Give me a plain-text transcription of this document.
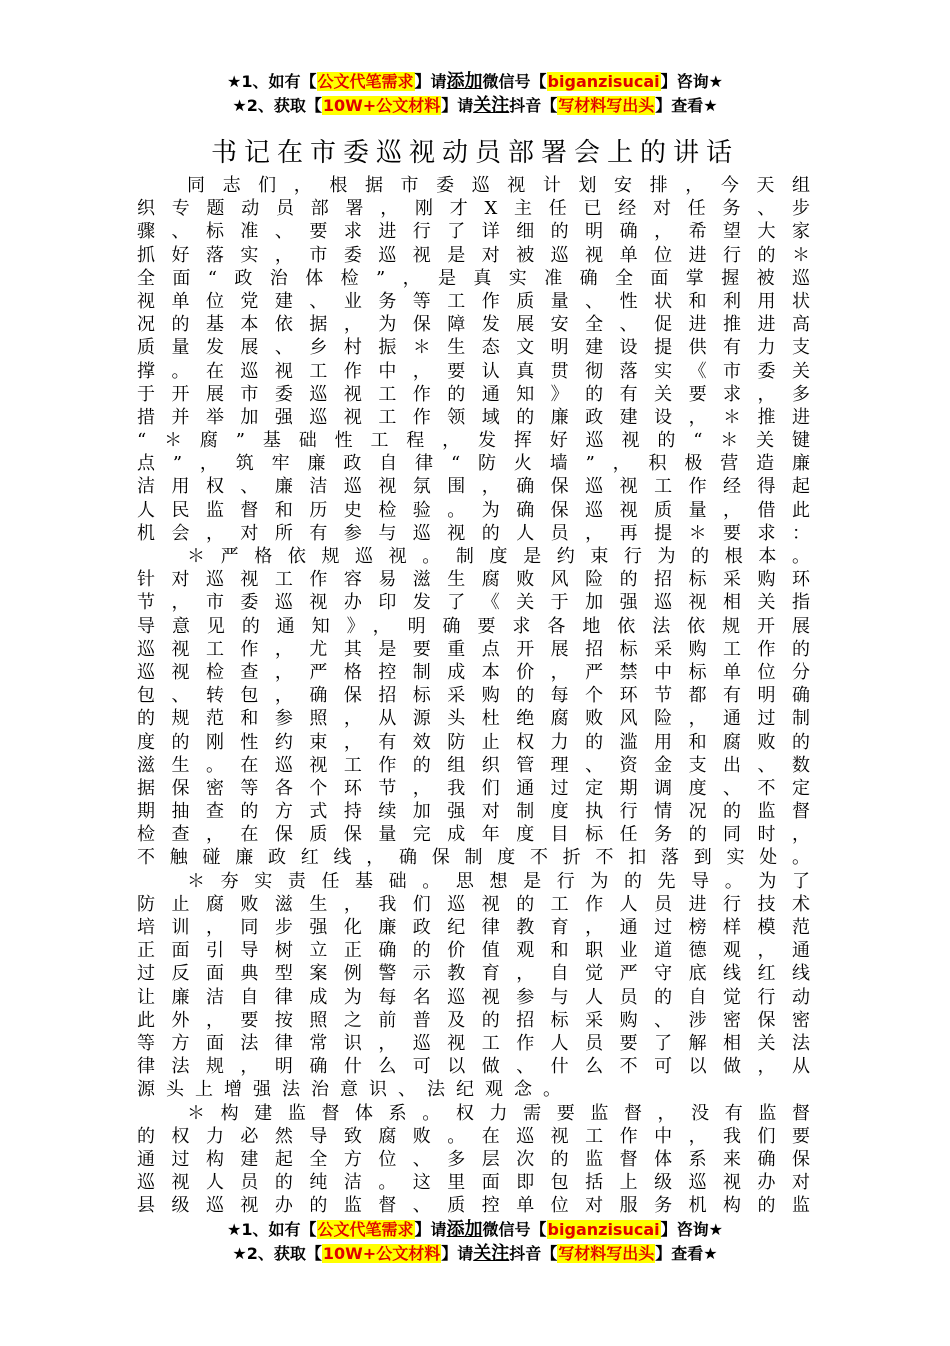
★1、如有【公文代笔需求】请添加微信号【biganzisucai】咨询★
★2、获取【10W+公文材料】请关注抖音【写材料写出头】查看★
书记在市委巡视动员部署会上的讲话
同志们，根据市委巡视计划安排，今天组
织专题动员部署，刚才X主任已经对任务、步
骤、标准、要求进行了详细的明确，希望大家
抓好落实，市委巡视是对被巡视单位进行的＊
全面“政治体检”，是真实准确全面掌握被巡
视单位党建、业务等工作质量、性状和利用状
况的基本依据，为保障发展安全、促进推进高
质量发展、乡村振＊生态文明建设提供有力支
撑。在巡视工作中，要认真贯彻落实《市委关
于开展市委巡视工作的通知》的有关要求，多
措并举加强巡视工作领域的廉政建设，＊推进
“＊腐”基础性工程，发挥好巡视的“＊关键
点”，筑牢廉政自律“防火墙”，积极营造廉
洁用权、廉洁巡视氛围，确保巡视工作经得起
人民监督和历史检验。为确保巡视质量，借此
机会，对所有参与巡视的人员，再提＊要求：
＊严格依规巡视。制度是约束行为的根本。
针对巡视工作容易滋生腐败风险的招标采购环
节，市委巡视办印发了《关于加强巡视相关指
导意见的通知》，明确要求各地依法依规开展
巡视工作，尤其是要重点开展招标采购工作的
巡视检查，严格控制成本价，严禁中标单位分
包、转包，确保招标采购的每个环节都有明确
的规范和参照，从源头杜绝腐败风险，通过制
度的刚性约束，有效防止权力的滥用和腐败的
滋生。在巡视工作的组织管理、资金支出、数
据保密等各个环节，我们通过定期调度、不定
期抽查的方式持续加强对制度执行情况的监督
检查，在保质保量完成年度目标任务的同时，
不触碰廉政红线，确保制度不折不扣落到实处。
＊夯实责任基础。思想是行为的先导。为了
防止腐败滋生，我们巡视的工作人员进行技术
培训，同步强化廉政纪律教育，通过榜样模范
正面引导树立正确的价值观和职业道德观，通
过反面典型案例警示教育，自觉严守底线红线
让廉洁自律成为每名巡视参与人员的自觉行动
此外，要按照之前普及的招标采购、涉密保密
等方面法律常识，巡视工作人员要了解相关法
律法规，明确什么可以做、什么不可以做，从
源头上增强法治意识、法纪观念。
＊构建监督体系。权力需要监督，没有监督
的权力必然导致腐败。在巡视工作中，我们要
通过构建起全方位、多层次的监督体系来确保
巡视人员的纯洁。这里面即包括上级巡视办对
县级巡视办的监督、质控单位对服务机构的监
★1、如有【公文代笔需求】请添加微信号【biganzisucai】咨询★
★2、获取【10W+公文材料】请关注抖音【写材料写出头】查看★
